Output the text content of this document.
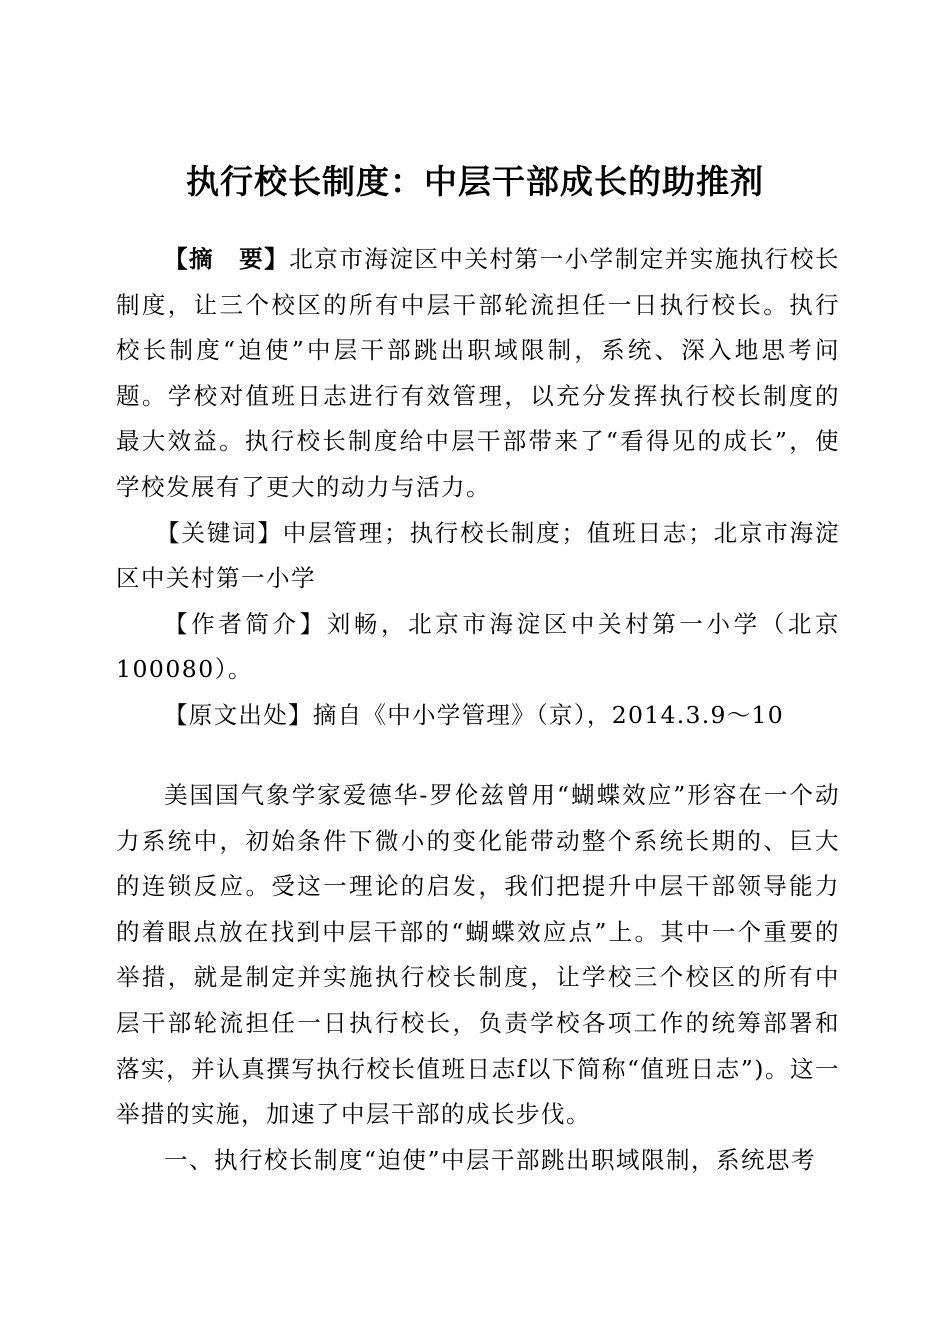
执行校长制度：中层干部成长的助推剂

【摘　要】北京市海淀区中关村第一小学制定并实施执行校长制度，让三个校区的所有中层干部轮流担任一日执行校长。执行校长制度“迫使”中层干部跳出职域限制，系统、深入地思考问题。学校对值班日志进行有效管理，以充分发挥执行校长制度的最大效益。执行校长制度给中层干部带来了“看得见的成长”，使学校发展有了更大的动力与活力。

【关键词】中层管理；执行校长制度；值班日志；北京市海淀区中关村第一小学

【作者简介】刘畅，北京市海淀区中关村第一小学（北京100080）。

【原文出处】摘自《中小学管理》（京），2014.3.9～10

美国国气象学家爱德华-罗伦兹曾用“蝴蝶效应”形容在一个动力系统中，初始条件下微小的变化能带动整个系统长期的、巨大的连锁反应。受这一理论的启发，我们把提升中层干部领导能力的着眼点放在找到中层干部的“蝴蝶效应点”上。其中一个重要的举措，就是制定并实施执行校长制度，让学校三个校区的所有中层干部轮流担任一日执行校长，负责学校各项工作的统筹部署和落实，并认真撰写执行校长值班日志f以下简称“值班日志”)。这一举措的实施，加速了中层干部的成长步伐。

一、执行校长制度“迫使”中层干部跳出职域限制，系统思考
